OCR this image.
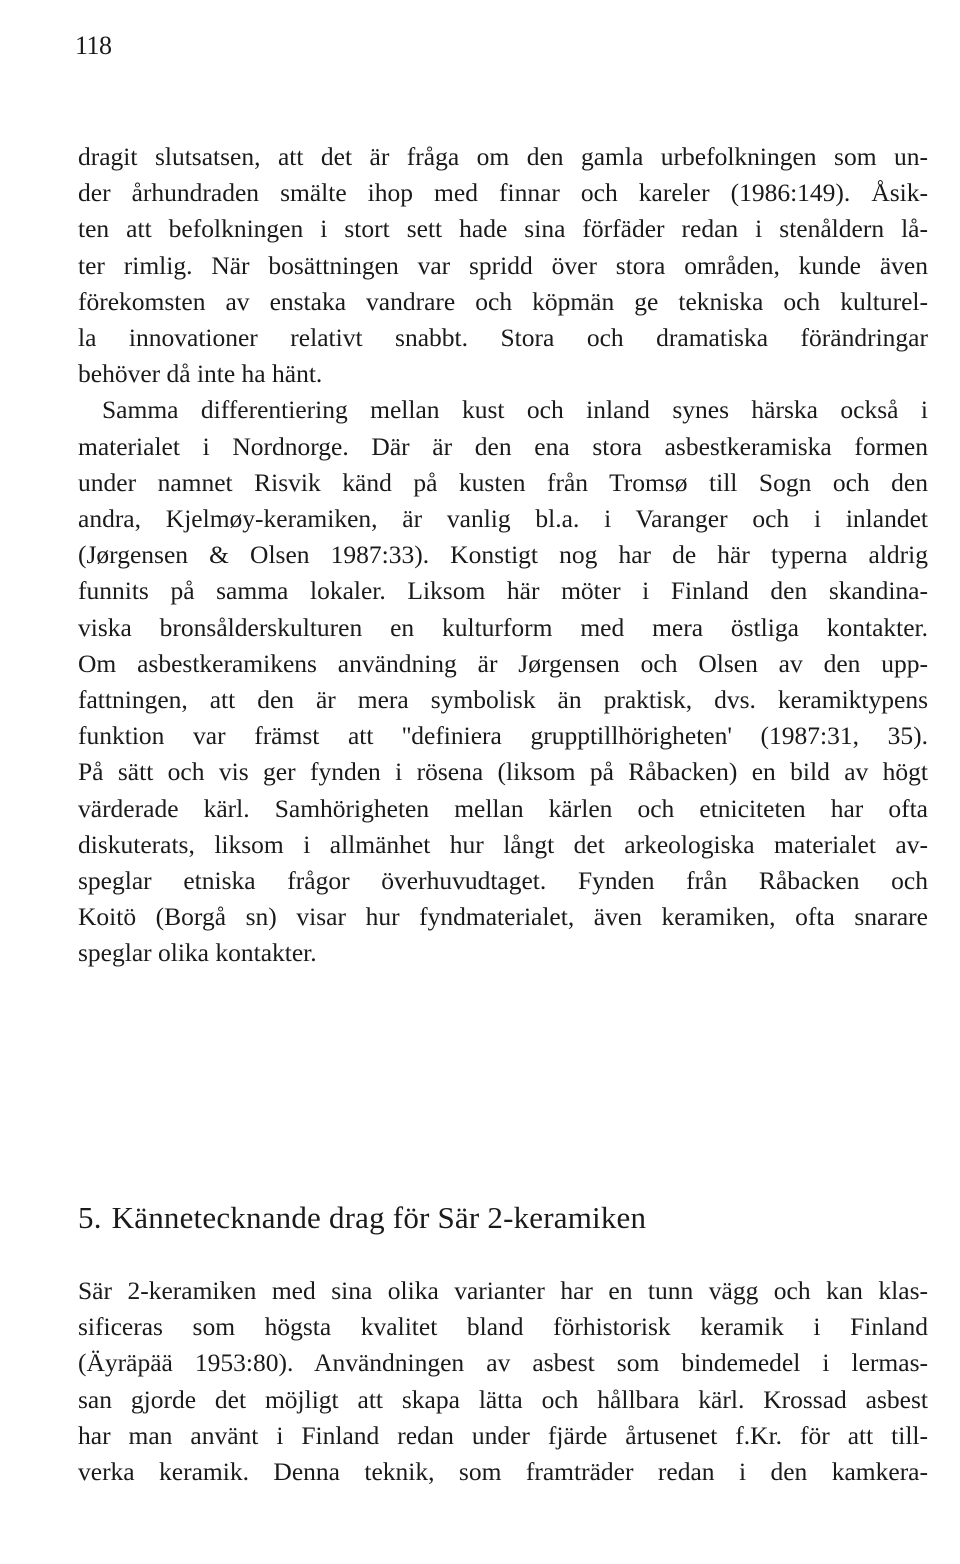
118
dragit slutsatsen, att det är fråga om den gamla urbefolkningen som un-
der århundraden smälte ihop med finnar och kareler (1986:149). Åsik-
ten att befolkningen i stort sett hade sina förfäder redan i stenåldern lå-
ter rimlig. När bosättningen var spridd över stora områden, kunde även
förekomsten av enstaka vandrare och köpmän ge tekniska och kulturel-
la innovationer relativt snabbt. Stora och dramatiska förändringar
behöver då inte ha hänt.
Samma differentiering mellan kust och inland synes härska också i
materialet i Nordnorge. Där är den ena stora asbestkeramiska formen
under namnet Risvik känd på kusten från Tromsø till Sogn och den
andra, Kjelmøy-keramiken, är vanlig bl.a. i Varanger och i inlandet
(Jørgensen & Olsen 1987:33). Konstigt nog har de här typerna aldrig
funnits på samma lokaler. Liksom här möter i Finland den skandina-
viska bronsålderskulturen en kulturform med mera östliga kontakter.
Om asbestkeramikens användning är Jørgensen och Olsen av den upp-
fattningen, att den är mera symbolisk än praktisk, dvs. keramiktypens
funktion var främst att ''definiera grupptillhörigheten' (1987:31, 35).
På sätt och vis ger fynden i rösena (liksom på Råbacken) en bild av högt
värderade kärl. Samhörigheten mellan kärlen och etniciteten har ofta
diskuterats, liksom i allmänhet hur långt det arkeologiska materialet av-
speglar etniska frågor överhuvudtaget. Fynden från Råbacken och
Koitö (Borgå sn) visar hur fyndmaterialet, även keramiken, ofta snarare
speglar olika kontakter.
5. Kännetecknande drag för Sär 2-keramiken
Sär 2-keramiken med sina olika varianter har en tunn vägg och kan klas-
sificeras som högsta kvalitet bland förhistorisk keramik i Finland
(Äyräpää 1953:80). Användningen av asbest som bindemedel i lermas-
san gjorde det möjligt att skapa lätta och hållbara kärl. Krossad asbest
har man använt i Finland redan under fjärde årtusenet f.Kr. för att till-
verka keramik. Denna teknik, som framträder redan i den kamkera-
